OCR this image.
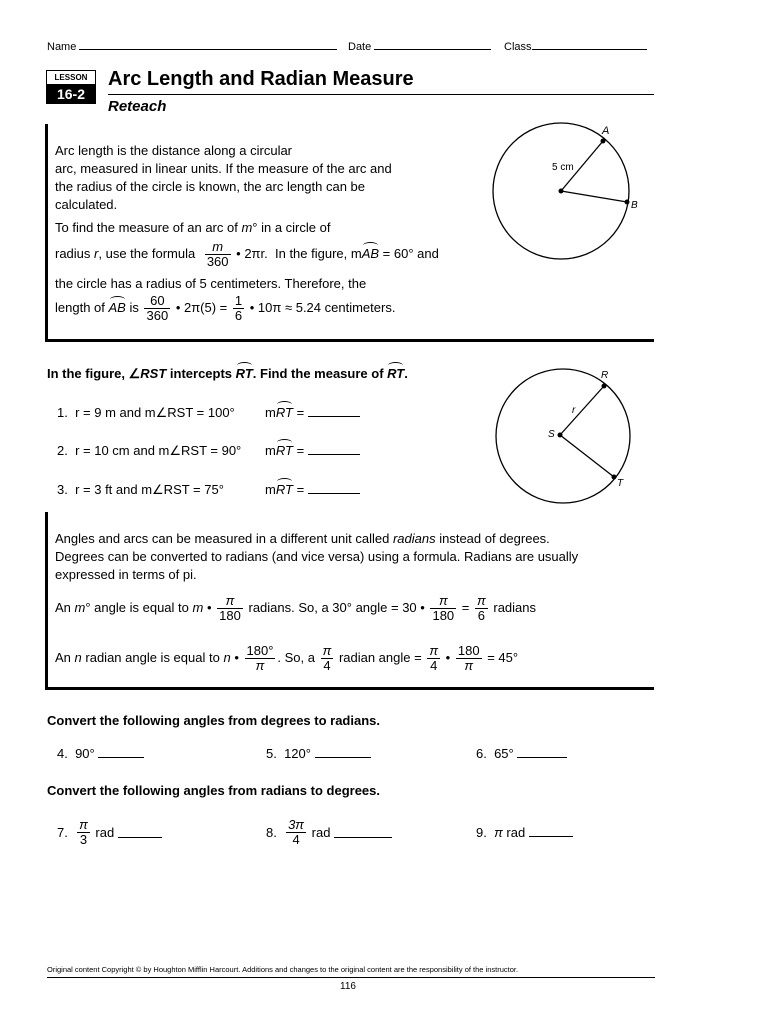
Name	Date	Class
LESSON
16-2
Arc Length and Radian Measure
Reteach
Arc length is the distance along a circular
arc, measured in linear units. If the measure of the arc and
the radius of the circle is known, the arc length can be
calculated.
To find the measure of an arc of m° in a circle of
radius r, use the formula $\frac{m}{360}$ • 2πr. In the figure, mAB = 60° and
the circle has a radius of 5 centimeters. Therefore, the
length of AB is $\frac{60}{360}$ • $2\pi(5) = \frac{1}{6}$ • 10π ≈ 5.24 centimeters.
A
B
5 cm
In the figure, ∠RST intercepts RT. Find the measure of RT.
1. r = 9 m and m∠RST = 100° mRT =
2. r = 10 cm and m∠RST = 90° mRT =
3. r = 3 ft and m∠RST = 75°	mRT =
R
S
T
r
Angles and arcs can be measured in a different unit called radians instead of degrees.
Degrees can be converted to radians (and vice versa) using a formula. Radians are usually
expressed in terms of pi.
An m° angle is equal to m • $\frac{\pi}{180}$ radians. So, a 30° angle = 30 • $\frac{\pi}{180} = \frac{\pi}{6}$ radians
An n radian angle is equal to n • $\frac{180^\circ}{\pi}$ . So, a $\frac{\pi}{4}$ radian angle = $\frac{\pi}{4}$ • $\frac{180}{\pi} = 45^\circ$
Convert the following angles from degrees to radians.
4. 90°	5. 120°	6. 65°
Convert the following angles from radians to degrees.
7. $\frac{\pi}{3}$ rad	8. $\frac{3\pi}{4}$ rad	9. π rad
Original content Copyright © by Houghton Mifflin Harcourt. Additions and changes to the original content are the responsibility of the instructor.
116
